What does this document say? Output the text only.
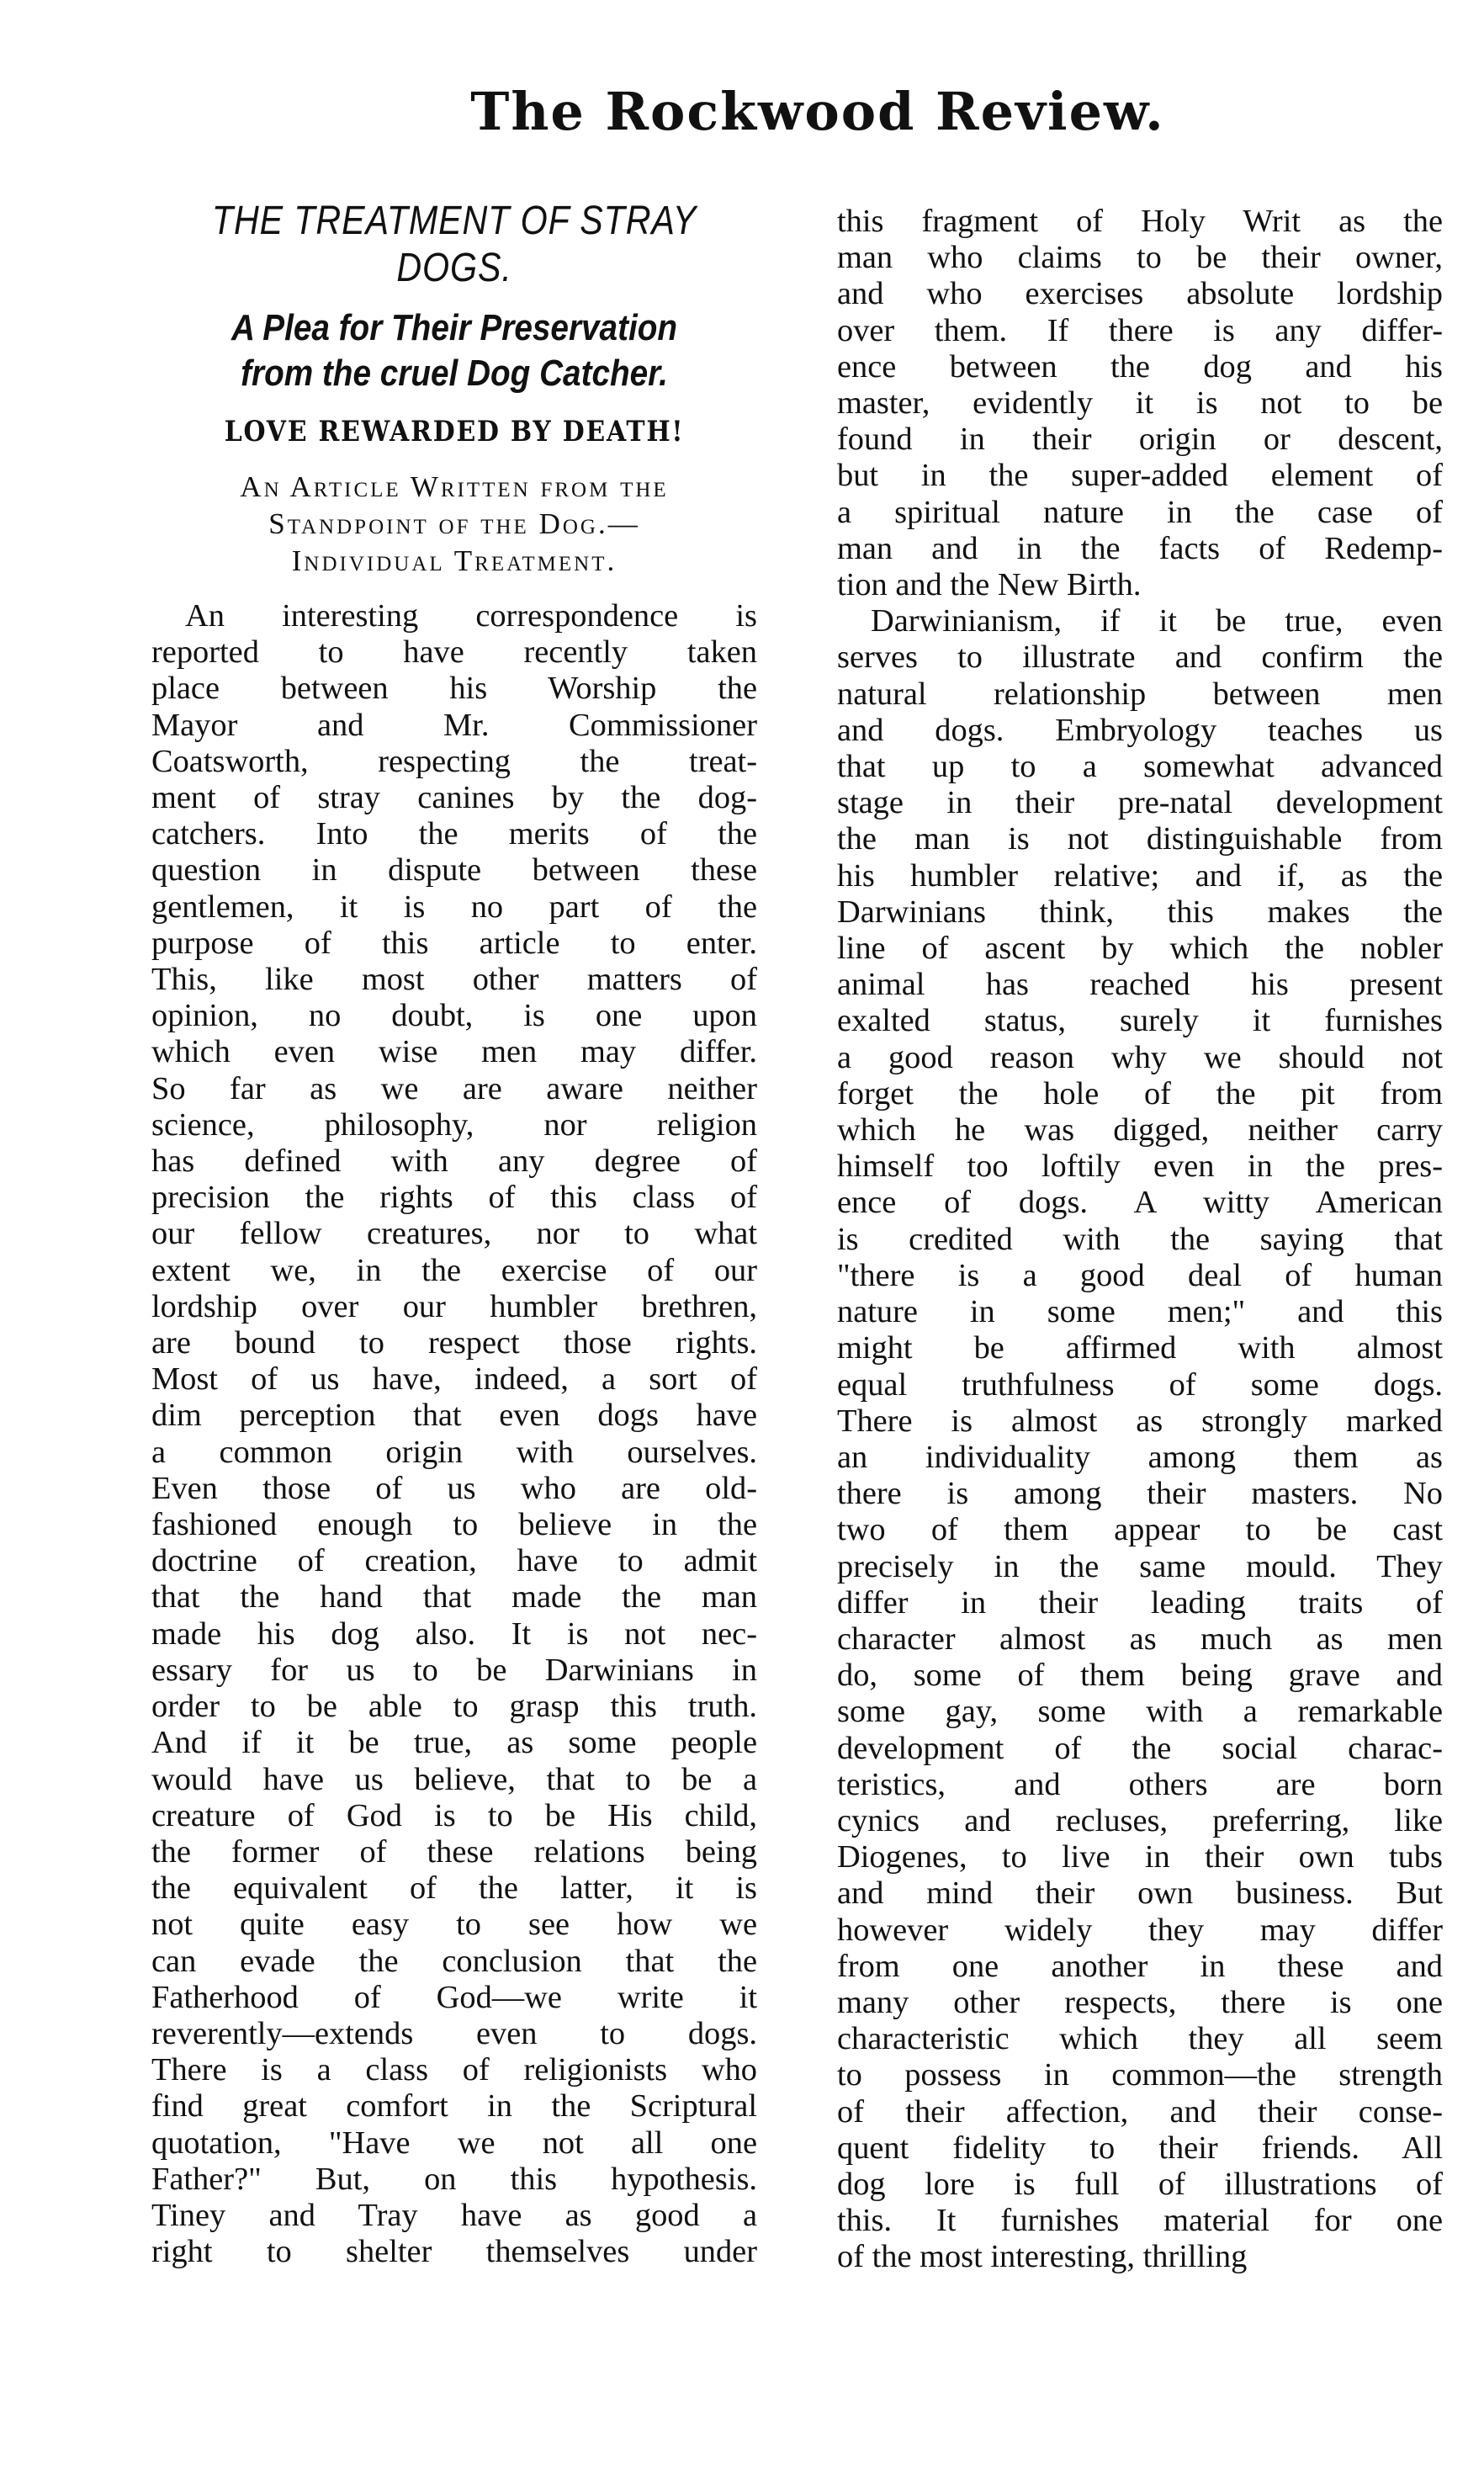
The Rockwood Review.
THE TREATMENT OF STRAY
DOGS.
A Plea for Their Preservation
from the cruel Dog Catcher.
LOVE REWARDED BY DEATH!
An Article Written from the
Standpoint of the Dog.—
Individual Treatment.
An interesting correspondence is
reported to have recently taken
place between his Worship the
Mayor and Mr. Commissioner
Coatsworth, respecting the treat-
ment of stray canines by the dog-
catchers. Into the merits of the
question in dispute between these
gentlemen, it is no part of the
purpose of this article to enter.
This, like most other matters of
opinion, no doubt, is one upon
which even wise men may differ.
So far as we are aware neither
science, philosophy, nor religion
has defined with any degree of
precision the rights of this class of
our fellow creatures, nor to what
extent we, in the exercise of our
lordship over our humbler brethren,
are bound to respect those rights.
Most of us have, indeed, a sort of
dim perception that even dogs have
a common origin with ourselves.
Even those of us who are old-
fashioned enough to believe in the
doctrine of creation, have to admit
that the hand that made the man
made his dog also. It is not nec-
essary for us to be Darwinians in
order to be able to grasp this truth.
And if it be true, as some people
would have us believe, that to be a
creature of God is to be His child,
the former of these relations being
the equivalent of the latter, it is
not quite easy to see how we
can evade the conclusion that the
Fatherhood of God—we write it
reverently—extends even to dogs.
There is a class of religionists who
find great comfort in the Scriptural
quotation, "Have we not all one
Father?" But, on this hypothesis.
Tiney and Tray have as good a
right to shelter themselves under
this fragment of Holy Writ as the
man who claims to be their owner,
and who exercises absolute lordship
over them. If there is any differ-
ence between the dog and his
master, evidently it is not to be
found in their origin or descent,
but in the super-added element of
a spiritual nature in the case of
man and in the facts of Redemp-
tion and the New Birth.
Darwinianism, if it be true, even
serves to illustrate and confirm the
natural relationship between men
and dogs. Embryology teaches us
that up to a somewhat advanced
stage in their pre-natal development
the man is not distinguishable from
his humbler relative; and if, as the
Darwinians think, this makes the
line of ascent by which the nobler
animal has reached his present
exalted status, surely it furnishes
a good reason why we should not
forget the hole of the pit from
which he was digged, neither carry
himself too loftily even in the pres-
ence of dogs. A witty American
is credited with the saying that
"there is a good deal of human
nature in some men;" and this
might be affirmed with almost
equal truthfulness of some dogs.
There is almost as strongly marked
an individuality among them as
there is among their masters. No
two of them appear to be cast
precisely in the same mould. They
differ in their leading traits of
character almost as much as men
do, some of them being grave and
some gay, some with a remarkable
development of the social charac-
teristics, and others are born
cynics and recluses, preferring, like
Diogenes, to live in their own tubs
and mind their own business. But
however widely they may differ
from one another in these and
many other respects, there is one
characteristic which they all seem
to possess in common—the strength
of their affection, and their conse-
quent fidelity to their friends. All
dog lore is full of illustrations of
this. It furnishes material for one
of the most interesting, thrilling
